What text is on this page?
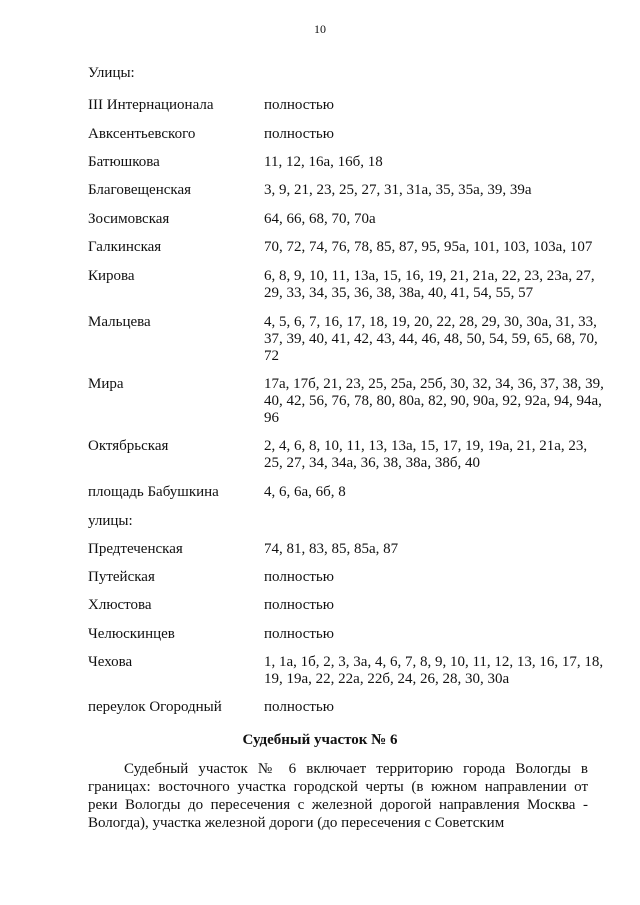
10
Улицы:
III Интернационала	полностью
Авксентьевского	полностью
Батюшкова	11, 12, 16а, 16б, 18
Благовещенская	3, 9, 21, 23, 25, 27, 31, 31а, 35, 35а, 39, 39а
Зосимовская	64, 66, 68, 70, 70а
Галкинская	70, 72, 74, 76, 78, 85, 87, 95, 95а, 101, 103, 103а, 107
Кирова	6, 8, 9, 10, 11, 13а, 15, 16, 19, 21, 21а, 22, 23, 23а, 27, 29, 33, 34, 35, 36, 38, 38а, 40, 41, 54, 55, 57
Мальцева	4, 5, 6, 7, 16, 17, 18, 19, 20, 22, 28, 29, 30, 30а, 31, 33, 37, 39, 40, 41, 42, 43, 44, 46, 48, 50, 54, 59, 65, 68, 70, 72
Мира	17а, 17б, 21, 23, 25, 25а, 25б, 30, 32, 34, 36, 37, 38, 39, 40, 42, 56, 76, 78, 80, 80а, 82, 90, 90а, 92, 92а, 94, 94а, 96
Октябрьская	2, 4, 6, 8, 10, 11, 13, 13а, 15, 17, 19, 19а, 21, 21а, 23, 25, 27, 34, 34а, 36, 38, 38а, 38б, 40
площадь Бабушкина	4, 6, 6а, 6б, 8
улицы:
Предтеченская	74, 81, 83, 85, 85а, 87
Путейская	полностью
Хлюстова	полностью
Челюскинцев	полностью
Чехова	1, 1а, 1б, 2, 3, 3а, 4, 6, 7, 8, 9, 10, 11, 12, 13, 16, 17, 18, 19, 19а, 22, 22а, 22б, 24, 26, 28, 30, 30а
переулок Огородный	полностью
Судебный участок № 6
Судебный участок № 6 включает территорию города Вологды в границах: восточного участка городской черты (в южном направлении от реки Вологды до пересечения с железной дорогой направления Москва - Вологда), участка железной дороги (до пересечения с Советским
